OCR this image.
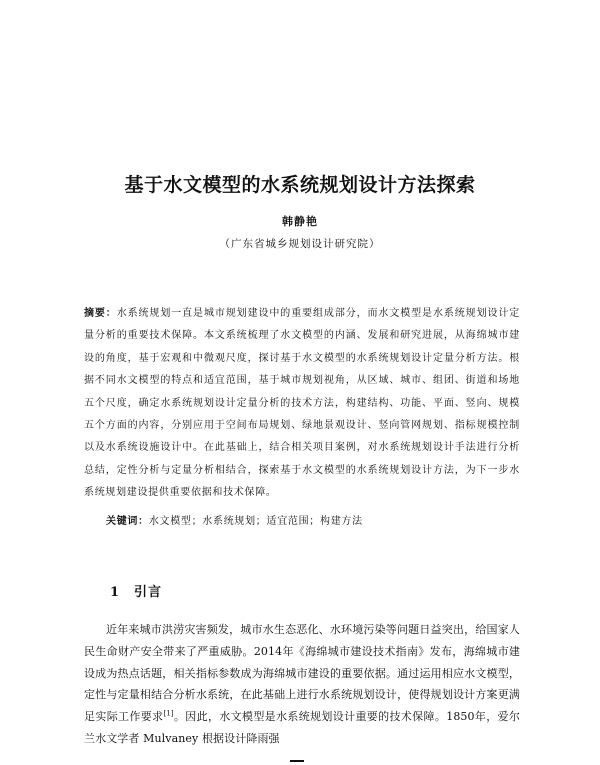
基于水文模型的水系统规划设计方法探索
韩静艳
（广东省城乡规划设计研究院）
摘要：水系统规划一直是城市规划建设中的重要组成部分，而水文模型是水系统规划设计定量分析的重要技术保障。本文系统梳理了水文模型的内涵、发展和研究进展，从海绵城市建设的角度，基于宏观和中微观尺度，探讨基于水文模型的水系统规划设计定量分析方法。根据不同水文模型的特点和适宜范围，基于城市规划视角，从区域、城市、组团、街道和场地五个尺度，确定水系统规划设计定量分析的技术方法，构建结构、功能、平面、竖向、规模五个方面的内容，分别应用于空间布局规划、绿地景观设计、竖向管网规划、指标规模控制以及水系统设施设计中。在此基础上，结合相关项目案例，对水系统规划设计手法进行分析总结，定性分析与定量分析相结合，探索基于水文模型的水系统规划设计方法，为下一步水系统规划建设提供重要依据和技术保障。
关键词：水文模型；水系统规划；适宜范围；构建方法
1 引言
近年来城市洪涝灾害频发，城市水生态恶化、水环境污染等问题日益突出，给国家人民生命财产安全带来了严重威胁。2014年《海绵城市建设技术指南》发布，海绵城市建设成为热点话题，相关指标参数成为海绵城市建设的重要依据。通过运用相应水文模型，定性与定量相结合分析水系统，在此基础上进行水系统规划设计，使得规划设计方案更满足实际工作要求[1]。因此，水文模型是水系统规划设计重要的技术保障。1850年，爱尔兰水文学者 Mulvaney 根据设计降雨强
